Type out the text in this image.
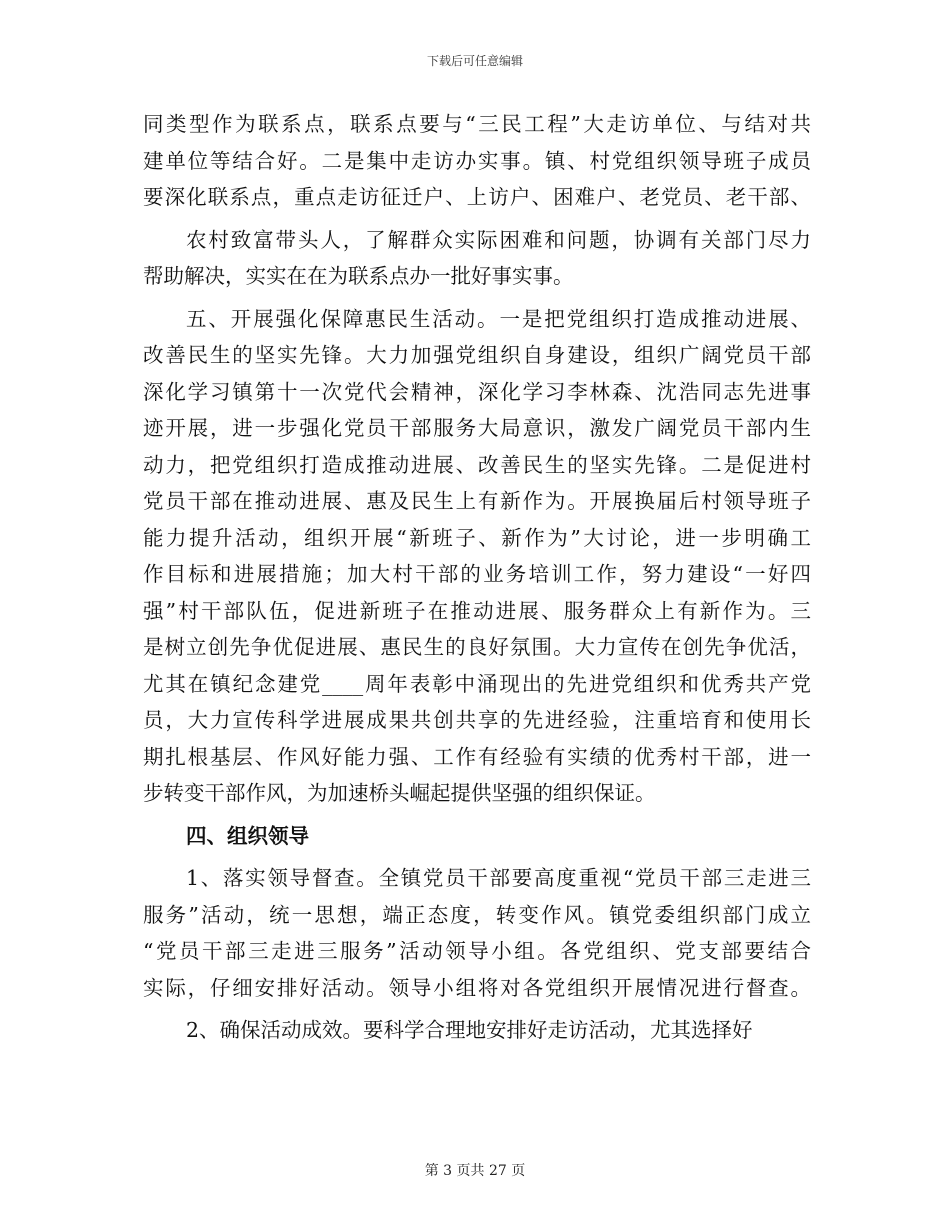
下载后可任意编辑

同类型作为联系点，联系点要与“三民工程”大走访单位、与结对共

建单位等结合好。二是集中走访办实事。镇、村党组织领导班子成员

要深化联系点，重点走访征迁户、上访户、困难户、老党员、老干部、

农村致富带头人，了解群众实际困难和问题，协调有关部门尽力

帮助解决，实实在在为联系点办一批好事实事。

五、开展强化保障惠民生活动。一是把党组织打造成推动进展、

改善民生的坚实先锋。大力加强党组织自身建设，组织广阔党员干部

深化学习镇第十一次党代会精神，深化学习李林森、沈浩同志先进事

迹开展，进一步强化党员干部服务大局意识，激发广阔党员干部内生

动力，把党组织打造成推动进展、改善民生的坚实先锋。二是促进村

党员干部在推动进展、惠及民生上有新作为。开展换届后村领导班子

能力提升活动，组织开展“新班子、新作为”大讨论，进一步明确工

作目标和进展措施；加大村干部的业务培训工作，努力建设“一好四

强”村干部队伍，促进新班子在推动进展、服务群众上有新作为。三

是树立创先争优促进展、惠民生的良好氛围。大力宣传在创先争优活，

尤其在镇纪念建党____周年表彰中涌现出的先进党组织和优秀共产党

员，大力宣传科学进展成果共创共享的先进经验，注重培育和使用长

期扎根基层、作风好能力强、工作有经验有实绩的优秀村干部，进一

步转变干部作风，为加速桥头崛起提供坚强的组织保证。

四、组织领导

1、落实领导督查。全镇党员干部要高度重视“党员干部三走进三

服务”活动，统一思想，端正态度，转变作风。镇党委组织部门成立

“党员干部三走进三服务”活动领导小组。各党组织、党支部要结合

实际，仔细安排好活动。领导小组将对各党组织开展情况进行督查。

2、确保活动成效。要科学合理地安排好走访活动，尤其选择好

第 3 页共 27 页
